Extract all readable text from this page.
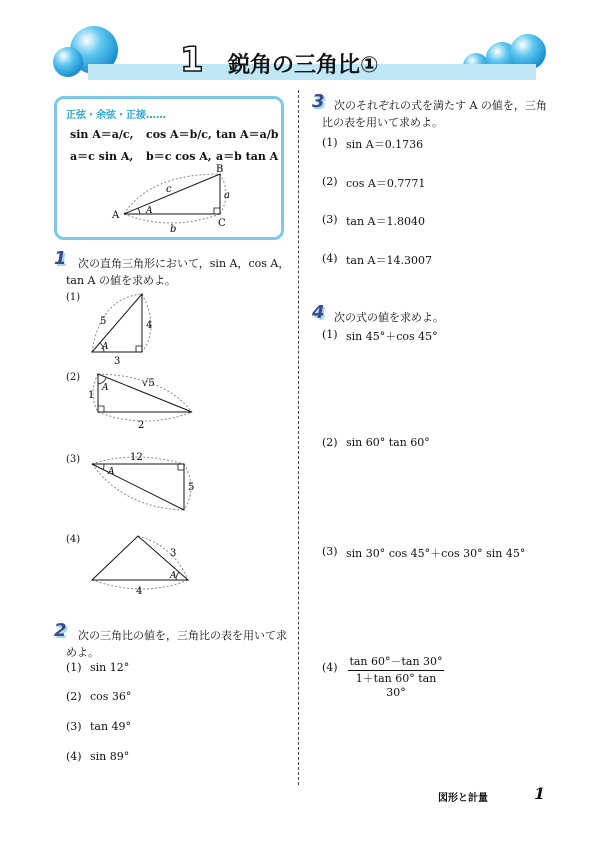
1 鋭角の三角比①
正弦・余弦・正接……
sin A＝a/c, cos A＝b/c, tan A＝a/b
a＝c sin A, b＝c cos A, a＝b tan A
A
B
C
a
b
c
A
1 次の直角三角形において，sin A，cos A，
tan A の値を求めよ。
(1)
5	4
3
A
(2)
1
√5
2
A
(3)	12
5
A
(4)
3
4
A
2 次の三角比の値を，三角比の表を用いて求
めよ。
(1) sin 12°
(2) cos 36°
(3) tan 49°
(4) sin 89°
3 次のそれぞれの式を満たす A の値を，三角
比の表を用いて求めよ。
(1) sin A＝0.1736
(2) cos A＝0.7771
(3) tan A＝1.8040
(4) tan A＝14.3007
4 次の式の値を求めよ。
(1) sin 45°＋cos 45°
(2) sin 60° tan 60°
(3) sin 30° cos 45°＋cos 30° sin 45°
(4) tan 60°－tan 30°
1＋tan 60° tan 30°
図形と計量	1
